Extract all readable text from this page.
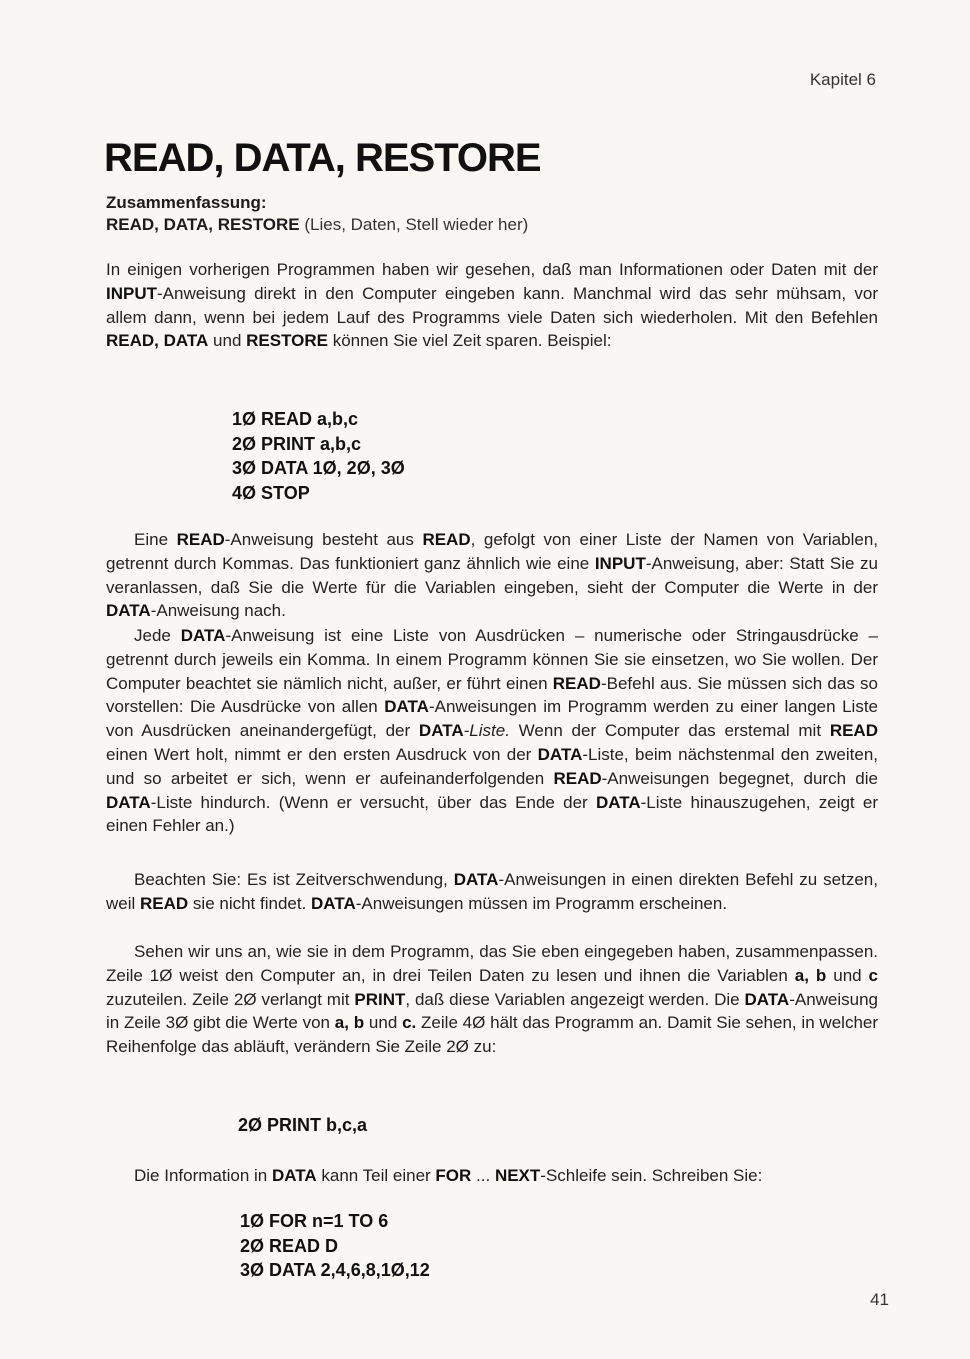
Kapitel 6
READ, DATA, RESTORE
Zusammenfassung:
READ, DATA, RESTORE (Lies, Daten, Stell wieder her)

In einigen vorherigen Programmen haben wir gesehen, daß man Informationen oder Daten mit der INPUT-Anweisung direkt in den Computer eingeben kann. Manchmal wird das sehr mühsam, vor allem dann, wenn bei jedem Lauf des Programms viele Daten sich wiederholen. Mit den Befehlen READ, DATA und RESTORE können Sie viel Zeit sparen. Beispiel:

1Ø READ a,b,c
2Ø PRINT a,b,c
3Ø DATA 1Ø, 2Ø, 3Ø
4Ø STOP

Eine READ-Anweisung besteht aus READ, gefolgt von einer Liste der Namen von Variablen, getrennt durch Kommas. Das funktioniert ganz ähnlich wie eine INPUT-Anweisung, aber: Statt Sie zu veranlassen, daß Sie die Werte für die Variablen eingeben, sieht der Computer die Werte in der DATA-Anweisung nach.

Jede DATA-Anweisung ist eine Liste von Ausdrücken – numerische oder Stringausdrücke – getrennt durch jeweils ein Komma. In einem Programm können Sie sie einsetzen, wo Sie wollen. Der Computer beachtet sie nämlich nicht, außer, er führt einen READ-Befehl aus. Sie müssen sich das so vorstellen: Die Ausdrücke von allen DATA-Anweisungen im Programm werden zu einer langen Liste von Ausdrücken aneinandergefügt, der DATA-Liste. Wenn der Computer das erstemal mit READ einen Wert holt, nimmt er den ersten Ausdruck von der DATA-Liste, beim nächstenmal den zweiten, und so arbeitet er sich, wenn er aufeinanderfolgenden READ-Anweisungen begegnet, durch die DATA-Liste hindurch. (Wenn er versucht, über das Ende der DATA-Liste hinauszugehen, zeigt er einen Fehler an.)

Beachten Sie: Es ist Zeitverschwendung, DATA-Anweisungen in einen direkten Befehl zu setzen, weil READ sie nicht findet. DATA-Anweisungen müssen im Programm erscheinen.

Sehen wir uns an, wie sie in dem Programm, das Sie eben eingegeben haben, zusammenpassen. Zeile 1Ø weist den Computer an, in drei Teilen Daten zu lesen und ihnen die Variablen a, b und c zuzuteilen. Zeile 2Ø verlangt mit PRINT, daß diese Variablen angezeigt werden. Die DATA-Anweisung in Zeile 3Ø gibt die Werte von a, b und c. Zeile 4Ø hält das Programm an. Damit Sie sehen, in welcher Reihenfolge das abläuft, verändern Sie Zeile 2Ø zu:

2Ø PRINT b,c,a

Die Information in DATA kann Teil einer FOR ... NEXT-Schleife sein. Schreiben Sie:

1Ø FOR n=1 TO 6
2Ø READ D
3Ø DATA 2,4,6,8,1Ø,12
41
